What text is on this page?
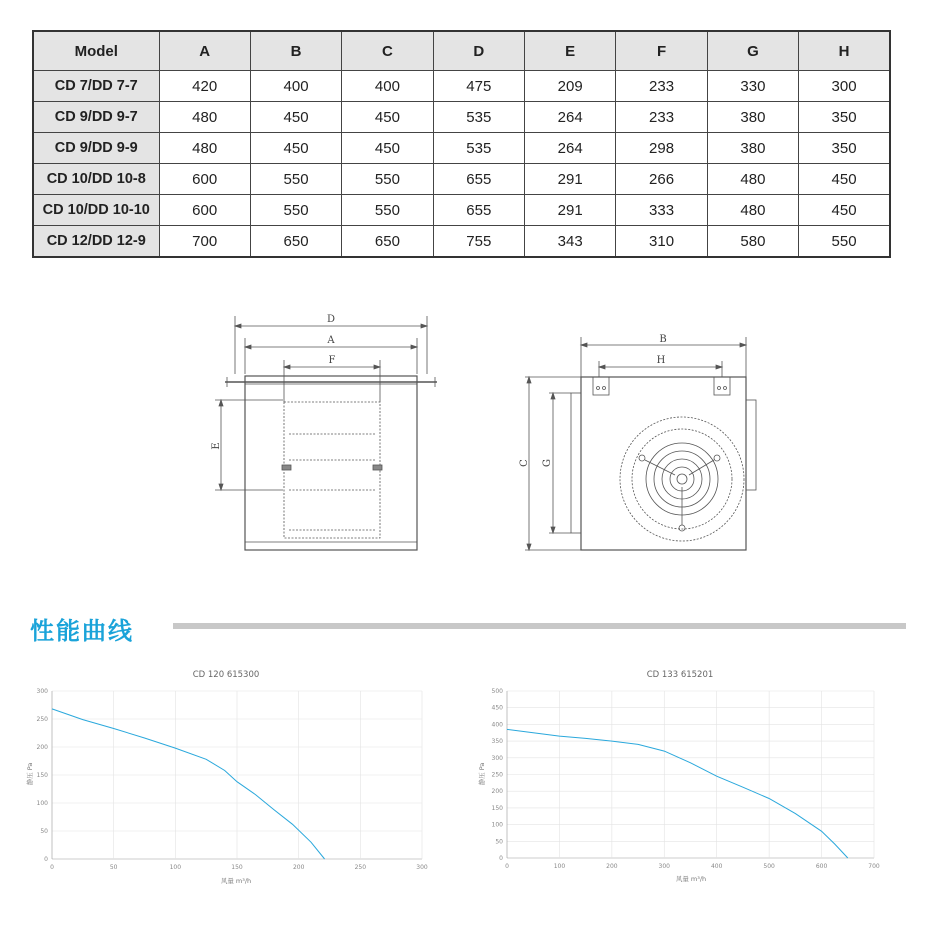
Model	A	B	C	D	E	F	G	H
CD 7/DD 7-7	420	400	400	475	209	233	330	300
CD 9/DD 9-7	480	450	450	535	264	233	380	350
CD 9/DD 9-9	480	450	450	535	264	298	380	350
CD 10/DD 10-8	600	550	550	655	291	266	480	450
CD 10/DD 10-10	600	550	550	655	291	333	480	450
CD 12/DD 12-9	700	650	650	755	343	310	580	550
D
A
F
E
B
H
C G
性能曲线
CD 120 615300
0
50
100
150
200
250
300
0	50	100	150	200	250	300
风量 m³/h
静压 Pa
CD 133 615201
0
50
100
150
200
250
300
350
400
450
500
0	100	200	300	400	500	600	700
风量 m³/h
静压 Pa
